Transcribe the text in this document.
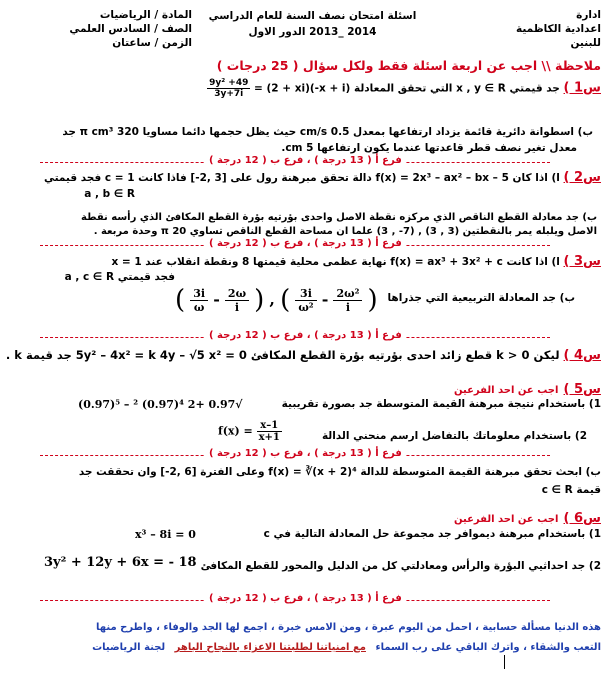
ادارة
اعدادية الكاظمية
للبنين
اسئلة امتحان نصف السنة للعام الدراسي
2014 _2013 الدور الاول
المادة / الرياضيات
الصف / السادس العلمي
الزمن / ساعتان
ملاحظة \\ اجب عن اربعة اسئلة فقط ولكل سؤال ( 25 درجات )
س1 ) جد قيمتي x , y ∈ R التي تحقق المعادلة
$\frac{\text{9y² +49}}{3y+7i} = (2 + xi)(-x + i)$
ب) اسطوانة دائرية قائمة يزداد ارتفاعها بمعدل 0.5 cm/s حيث يظل حجمها دائما مساويا 320 π cm³ جد
معدل تغير نصف قطر قاعدتها عندما يكون ارتفاعها 5 cm.
فرع أ ( 13 درجة ) ، فرع ب ( 12 درجة )
س2 ) ا) اذا كان f(x) = 2x³ – ax² – bx – 5 دالة تحقق مبرهنة رول على [3 ,2-] فاذا كانت c = 1 فجد قيمتي
a , b ∈ R
ب) جد معادلة القطع الناقص الذي مركزه نقطة الاصل واحدى بؤرتيه بؤرة القطع المكافئ الذي رأسه نقطة
الاصل ويلبله يمر بالنقطتين (3 , 3) , (7- , 3) علما ان مساحة القطع الناقص تساوي 20 π وحدة مربعة .
فرع أ ( 13 درجة ) ، فرع ب ( 12 درجة )
س3 ) ا) اذا كانت f(x) = ax³ + 3x² + c نهاية عظمى محلية قيمتها 8 ونقطة انقلاب عند x = 1
فجد قيمتي a , c ∈ R
ب) جد المعادلة التربيعية التي جذراها
( $\frac{3i}{\omega} - \frac{2\omega}{i}$ ) , ( $\frac{3i}{\text{ω²}} - \frac{\text{2ω²}}{i}$ )
فرع أ ( 13 درجة ) ، فرع ب ( 12 درجة )
س4 ) ليكن k > 0 قطع زائد احدى بؤرتيه بؤرة القطع المكافئ 5y² – 4x² = k 4y – √5 x² = 0 جد قيمة k .
س5 ) اجب عن احد الفرعين
1) باستخدام نتيجة مبرهنة القيمة المتوسطة جد بصورة تقريبية
√0.97 +2 ⁴(0.97) ² – ⁵(0.97)
2) باستخدام معلوماتك بالتفاضل ارسم منحني الدالة
$f(x) = \frac{x-1}{x+1}$
فرع أ ( 13 درجة ) ، فرع ب ( 12 درجة )
ب) ابحث تحقق مبرهنة القيمة المتوسطة للدالة f(x) = ∛(x + 2)⁴ وعلى الفترة [6 ,2-] وان تحققت جد
قيمة c ∈ R
س6 ) اجب عن احد الفرعين
1) باستخدام مبرهنة ديموافر جد مجموعة حل المعادلة التالية في c
x³ – 8i = 0
2) جد احداثيي البؤرة والرأس ومعادلتي كل من الدليل والمحور للقطع المكافئ
3y² + 12y + 6x = - 18
فرع أ ( 13 درجة ) ، فرع ب ( 12 درجة )
هذه الدنيا مسألة حسابية ، احمل من اليوم عبرة ، ومن الامس خبرة ، اجمع لها الجد والوفاء ، واطرح منها
التعب والشقاء ، واترك الباقي على رب السماء مع امنياتنا لطلبتنا الاعزاء بالنجاح الباهر لجنة الرياضيات
